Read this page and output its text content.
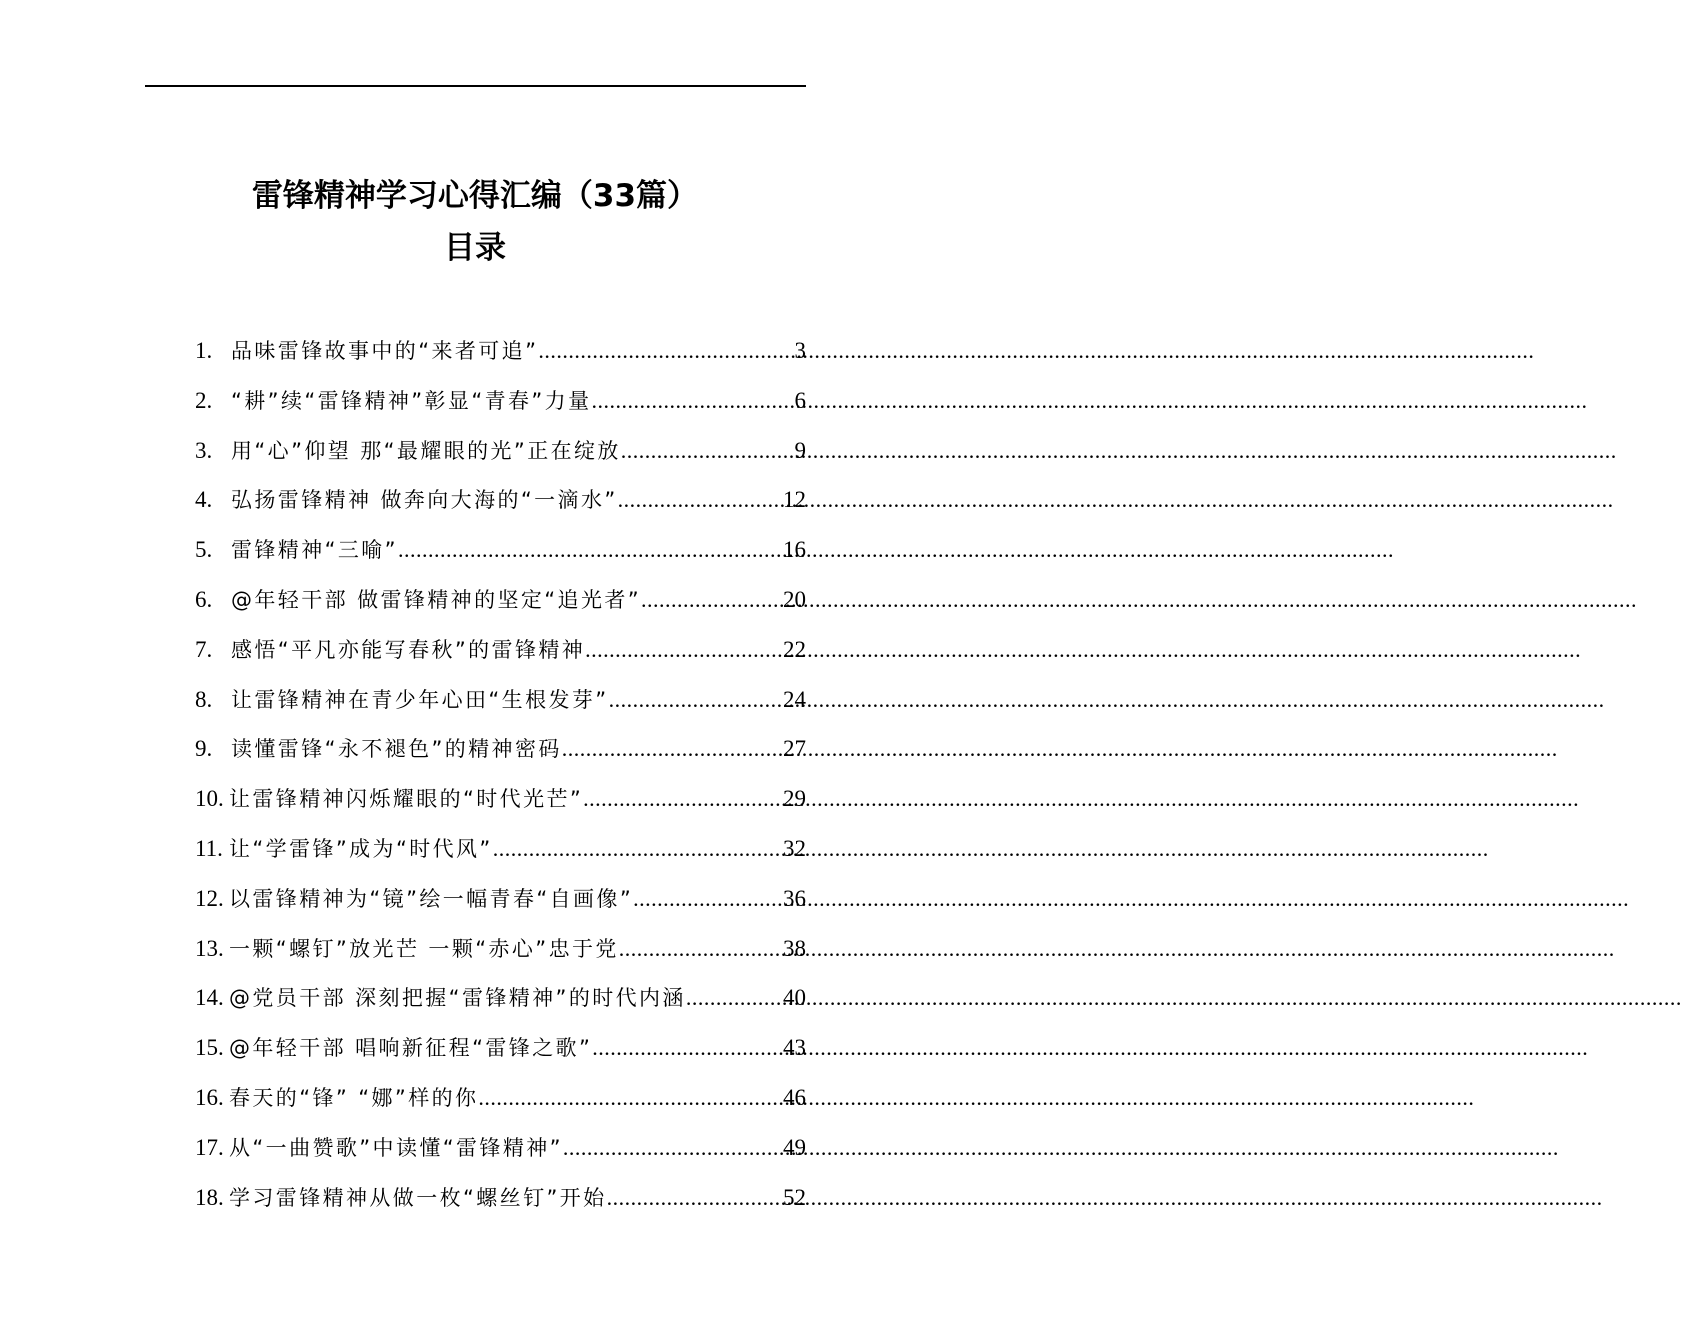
雷锋精神学习心得汇编（33篇）
目录
1. 品味雷锋故事中的“来者可追” .....	3
2. “耕”续“雷锋精神”彰显“青春”力量 .....	6
3. 用“心”仰望 那“最耀眼的光”正在绽放 .....	9
4. 弘扬雷锋精神 做奔向大海的“一滴水” .....	12
5. 雷锋精神“三喻” .....	16
6. @年轻干部 做雷锋精神的坚定“追光者” .....	20
7. 感悟“平凡亦能写春秋”的雷锋精神 .....	22
8. 让雷锋精神在青少年心田“生根发芽” .....	24
9. 读懂雷锋“永不褪色”的精神密码 .....	27
10. 让雷锋精神闪烁耀眼的“时代光芒” .....	29
11. 让“学雷锋”成为“时代风” .....	32
12. 以雷锋精神为“镜”绘一幅青春“自画像” .....	36
13. 一颗“螺钉”放光芒 一颗“赤心”忠于党 .....	38
14. @党员干部 深刻把握“雷锋精神”的时代内涵 .....	40
15. @年轻干部 唱响新征程“雷锋之歌” .....	43
16. 春天的“锋” “娜”样的你 .....	46
17. 从“一曲赞歌”中读懂“雷锋精神” .....	49
18. 学习雷锋精神从做一枚“螺丝钉”开始 .....	52
